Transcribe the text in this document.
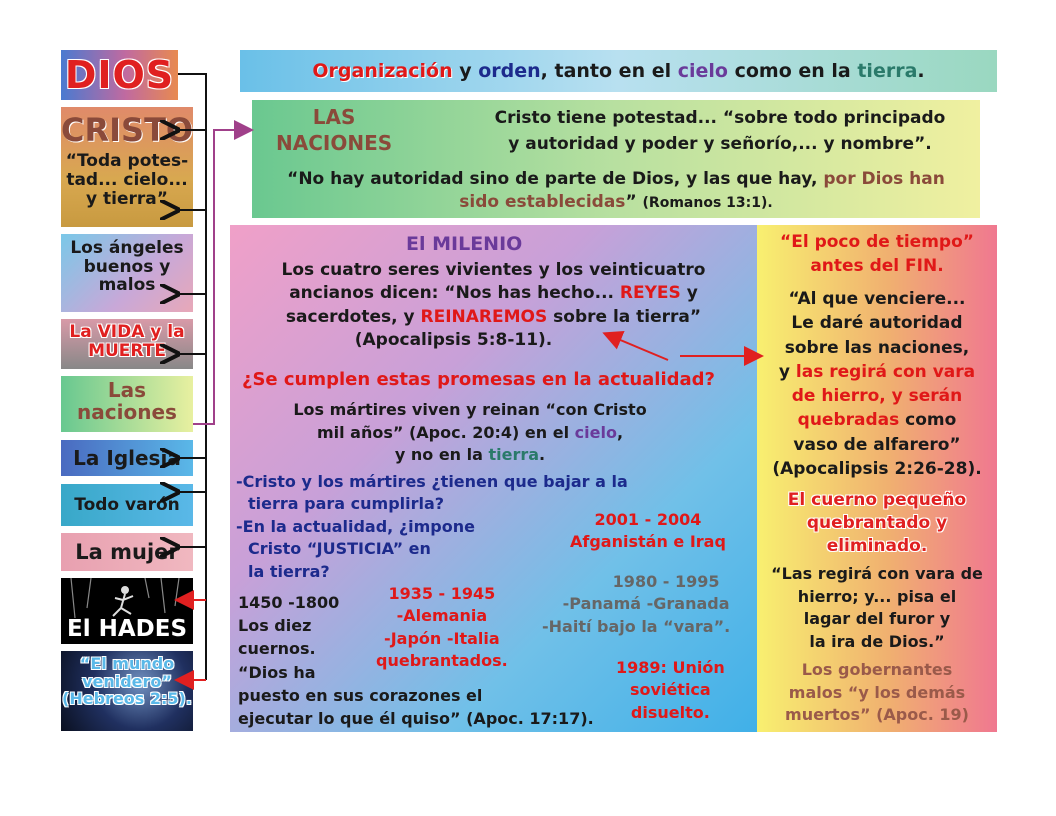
DIOS
CRISTO

“Toda potes-

tad... cielo...

y tierra”

Los ángeles

buenos y

malos

La VIDA y la

MUERTE

Las

naciones

La Iglesia
Todo varón
La mujer
El HADES

“El mundo

venidero”

(Hebreos 2:5).

Organización y orden, tanto en el cielo como en la tierra.

LAS

NACIONES

Cristo tiene potestad... “sobre todo principado

y autoridad y poder y señorío,... y nombre”.

“No hay autoridad sino de parte de Dios, y las que hay, por Dios han

sido establecidas” (Romanos 13:1).

El MILENIO

Los cuatro seres vivientes y los veinticuatro

ancianos dicen: “Nos has hecho... REYES y

sacerdotes, y REINAREMOS sobre la tierra”

(Apocalipsis 5:8-11).

¿Se cumplen estas promesas en la actualidad?

Los mártires viven y reinan “con Cristo

mil años” (Apoc. 20:4) en el cielo,

y no en la tierra.

-Cristo y los mártires ¿tienen que bajar a la

tierra para cumplirla?

-En la actualidad, ¿impone

Cristo “JUSTICIA” en

la tierra?

2001 - 2004

Afganistán e Iraq

1980 - 1995

-Panamá -Granada

-Haití bajo la “vara”.

1935 - 1945

-Alemania

-Japón -Italia

quebrantados.

1450 -1800

Los diez

cuernos.

“Dios ha

puesto en sus corazones el

ejecutar lo que él quiso” (Apoc. 17:17).

1989: Unión

soviética

disuelto.

“El poco de tiempo”

antes del FIN.

“Al que venciere...

Le daré autoridad

sobre las naciones,

y las regirá con vara

de hierro, y serán

quebradas como

vaso de alfarero”

(Apocalipsis 2:26-28).

El cuerno pequeño

quebrantado y

eliminado.

“Las regirá con vara de

hierro; y... pisa el

lagar del furor y

la ira de Dios.”

Los gobernantes

malos “y los demás

muertos” (Apoc. 19)
